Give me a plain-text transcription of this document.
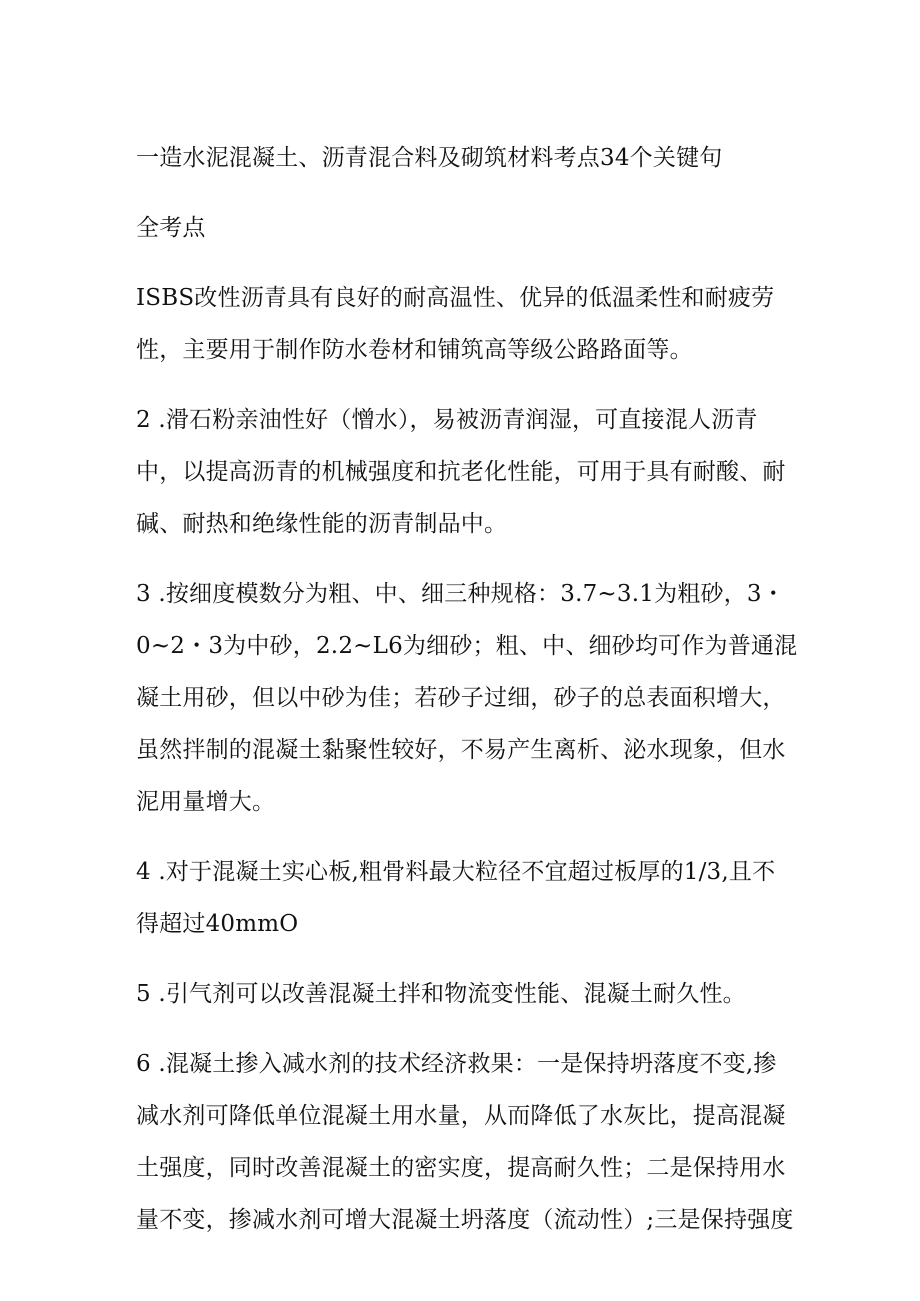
一造水泥混凝土、沥青混合料及砌筑材料考点34个关键句
全考点
ISBS改性沥青具有良好的耐高温性、优异的低温柔性和耐疲劳
性，主要用于制作防水卷材和铺筑高等级公路路面等。
2 .滑石粉亲油性好（憎水），易被沥青润湿，可直接混人沥青
中，以提高沥青的机械强度和抗老化性能，可用于具有耐酸、耐
碱、耐热和绝缘性能的沥青制品中。
3 .按细度模数分为粗、中、细三种规格：3.7~3.1为粗砂，3・
0~2・3为中砂，2.2~L6为细砂；粗、中、细砂均可作为普通混
凝土用砂，但以中砂为佳；若砂子过细，砂子的总表面积增大，
虽然拌制的混凝土黏聚性较好，不易产生离析、泌水现象，但水
泥用量增大。
4 .对于混凝土实心板,粗骨料最大粒径不宜超过板厚的1/3,且不
得超过40mmO
5 .引气剂可以改善混凝土拌和物流变性能、混凝土耐久性。
6 .混凝土掺入减水剂的技术经济救果：一是保持坍落度不变,掺
减水剂可降低单位混凝土用水量，从而降低了水灰比，提高混凝
土强度，同时改善混凝土的密实度，提高耐久性；二是保持用水
量不变，掺减水剂可增大混凝土坍落度（流动性）;三是保持强度
